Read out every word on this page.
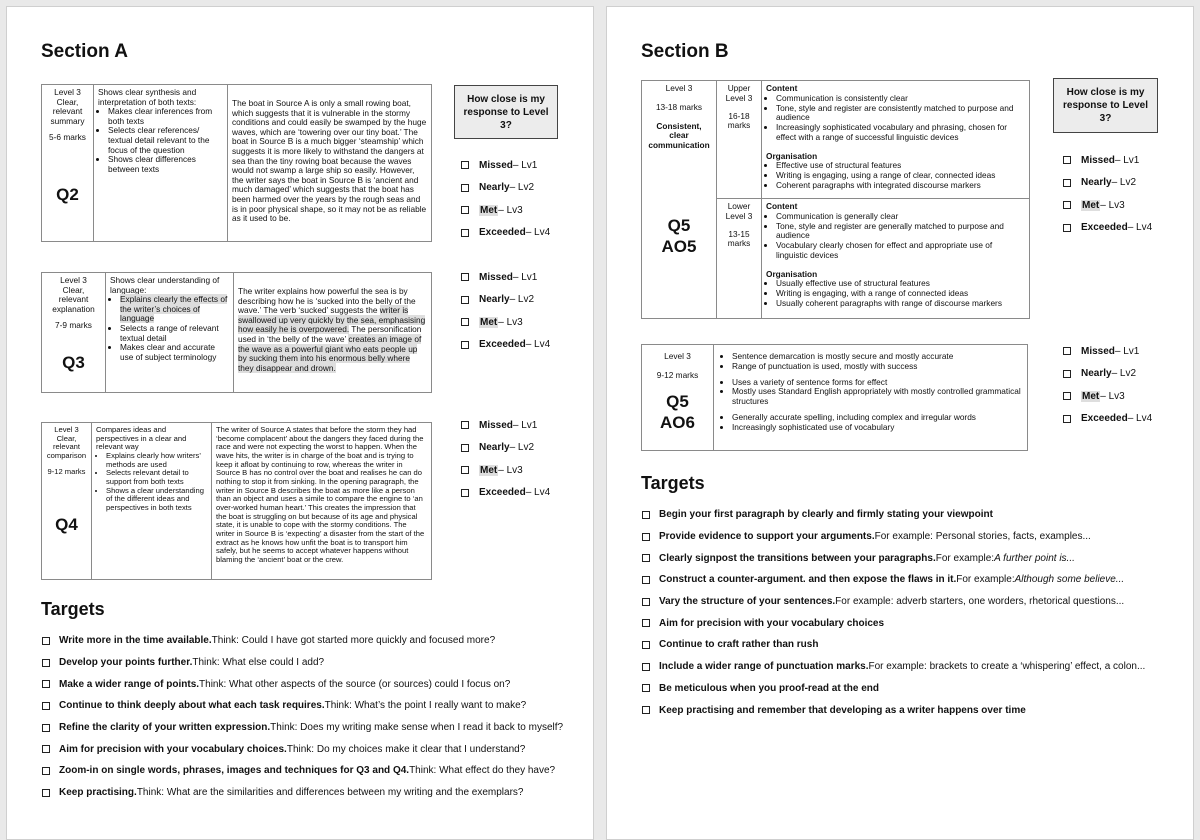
Section A
How close is my response to Level 3?

Level 3

Clear,

relevant

summary

5-6 marks

Q2
Shows clear synthesis and interpretation of both texts:
• Makes clear inferences from both texts
• Selects clear references/ textual detail relevant to the focus of the question
• Shows clear differences between texts
The boat in Source A is only a small rowing boat, which suggests that it is vulnerable in the stormy conditions and could easily be swamped by the huge waves, which are ‘towering over our tiny boat.’ The boat in Source B is a much bigger ‘steamship’ which suggests it is more likely to withstand the dangers at sea than the tiny rowing boat because the waves would not swamp a large ship so easily. However, the writer says the boat in Source B is ‘ancient and much damaged’ which suggests that the boat has been harmed over the years by the rough seas and is in poor physical shape, so it may not be as reliable as it used to be.

Level 3

Clear,

relevant

explanation

7-9 marks

Q3
Shows clear understanding of language:
• Explains clearly the effects of the writer’s choices of language
• Selects a range of relevant textual detail
• Makes clear and accurate use of subject terminology
The writer explains how powerful the sea is by describing how he is ‘sucked into the belly of the wave.’ The verb ‘sucked’ suggests the writer is swallowed up very quickly by the sea, emphasising how easily he is overpowered. The personification used in ‘the belly of the wave’ creates an image of the wave as a powerful giant who eats people up by sucking them into his enormous belly where they disappear and drown.

Level 3

Clear,

relevant

comparison

9-12 marks

Q4
Compares ideas and perspectives in a clear and relevant way
• Explains clearly how writers’ methods are used
• Selects relevant detail to support from both texts
• Shows a clear understanding of the different ideas and perspectives in both texts
The writer of Source A states that before the storm they had ‘become complacent’ about the dangers they faced during the race and were not expecting the worst to happen. When the wave hits, the writer is in charge of the boat and is trying to keep it afloat by continuing to row, whereas the writer in Source B has no control over the boat and realises he can do nothing to stop it from sinking. In the opening paragraph, the writer in Source B describes the boat as more like a person than an object and uses a simile to compare the engine to ‘an over-worked human heart.’ This creates the impression that the boat is struggling on but because of its age and physical state, it is unable to cope with the stormy conditions. The writer in Source B is ‘expecting’ a disaster from the start of the extract as he knows how unfit the boat is to transport him safely, but he seems to accept whatever happens without blaming the ‘ancient’ boat or the crew.
Missed – Lv1
Nearly – Lv2
Met – Lv3
Exceeded – Lv4
Missed – Lv1
Nearly – Lv2
Met – Lv3
Exceeded – Lv4
Missed – Lv1
Nearly – Lv2
Met – Lv3
Exceeded – Lv4
Targets
Write more in the time available. Think: Could I have got started more quickly and focused more?
Develop your points further. Think: What else could I add?
Make a wider range of points. Think: What other aspects of the source (or sources) could I focus on?
Continue to think deeply about what each task requires. Think: What’s the point I really want to make?
Refine the clarity of your written expression. Think: Does my writing make sense when I read it back to myself?
Aim for precision with your vocabulary choices. Think: Do my choices make it clear that I understand?
Zoom-in on single words, phrases, images and techniques for Q3 and Q4. Think: What effect do they have?
Keep practising. Think: What are the similarities and differences between my writing and the exemplars?
Section B
How close is my response to Level 3?

Level 3

13-18 marks

Consistent, clear communication

Q5 AO5

Upper Level 3

16-18 marks

Content

• Communication is consistently clear
• Tone, style and register are consistently matched to purpose and audience
• Increasingly sophisticated vocabulary and phrasing, chosen for effect with a range of successful linguistic devices

Organisation

• Effective use of structural features
• Writing is engaging, using a range of clear, connected ideas
• Coherent paragraphs with integrated discourse markers

Lower Level 3

13-15 marks

Content

• Communication is generally clear
• Tone, style and register are generally matched to purpose and audience
• Vocabulary clearly chosen for effect and appropriate use of linguistic devices

Organisation

• Usually effective use of structural features
• Writing is engaging, with a range of connected ideas
• Usually coherent paragraphs with range of discourse markers

Level 3

9-12 marks

Q5 AO6
• Sentence demarcation is mostly secure and mostly accurate
• Range of punctuation is used, mostly with success
• Uses a variety of sentence forms for effect
• Mostly uses Standard English appropriately with mostly controlled grammatical structures
• Generally accurate spelling, including complex and irregular words
• Increasingly sophisticated use of vocabulary
Missed – Lv1
Nearly – Lv2
Met – Lv3
Exceeded – Lv4
Missed – Lv1
Nearly – Lv2
Met – Lv3
Exceeded – Lv4
Targets
Begin your first paragraph by clearly and firmly stating your viewpoint
Provide evidence to support your arguments. For example: Personal stories, facts, examples...
Clearly signpost the transitions between your paragraphs. For example: A further point is...
Construct a counter-argument. and then expose the flaws in it. For example: Although some believe...
Vary the structure of your sentences. For example: adverb starters, one worders, rhetorical questions...
Aim for precision with your vocabulary choices
Continue to craft rather than rush
Include a wider range of punctuation marks. For example: brackets to create a ‘whispering’ effect, a colon...
Be meticulous when you proof-read at the end
Keep practising and remember that developing as a writer happens over time
